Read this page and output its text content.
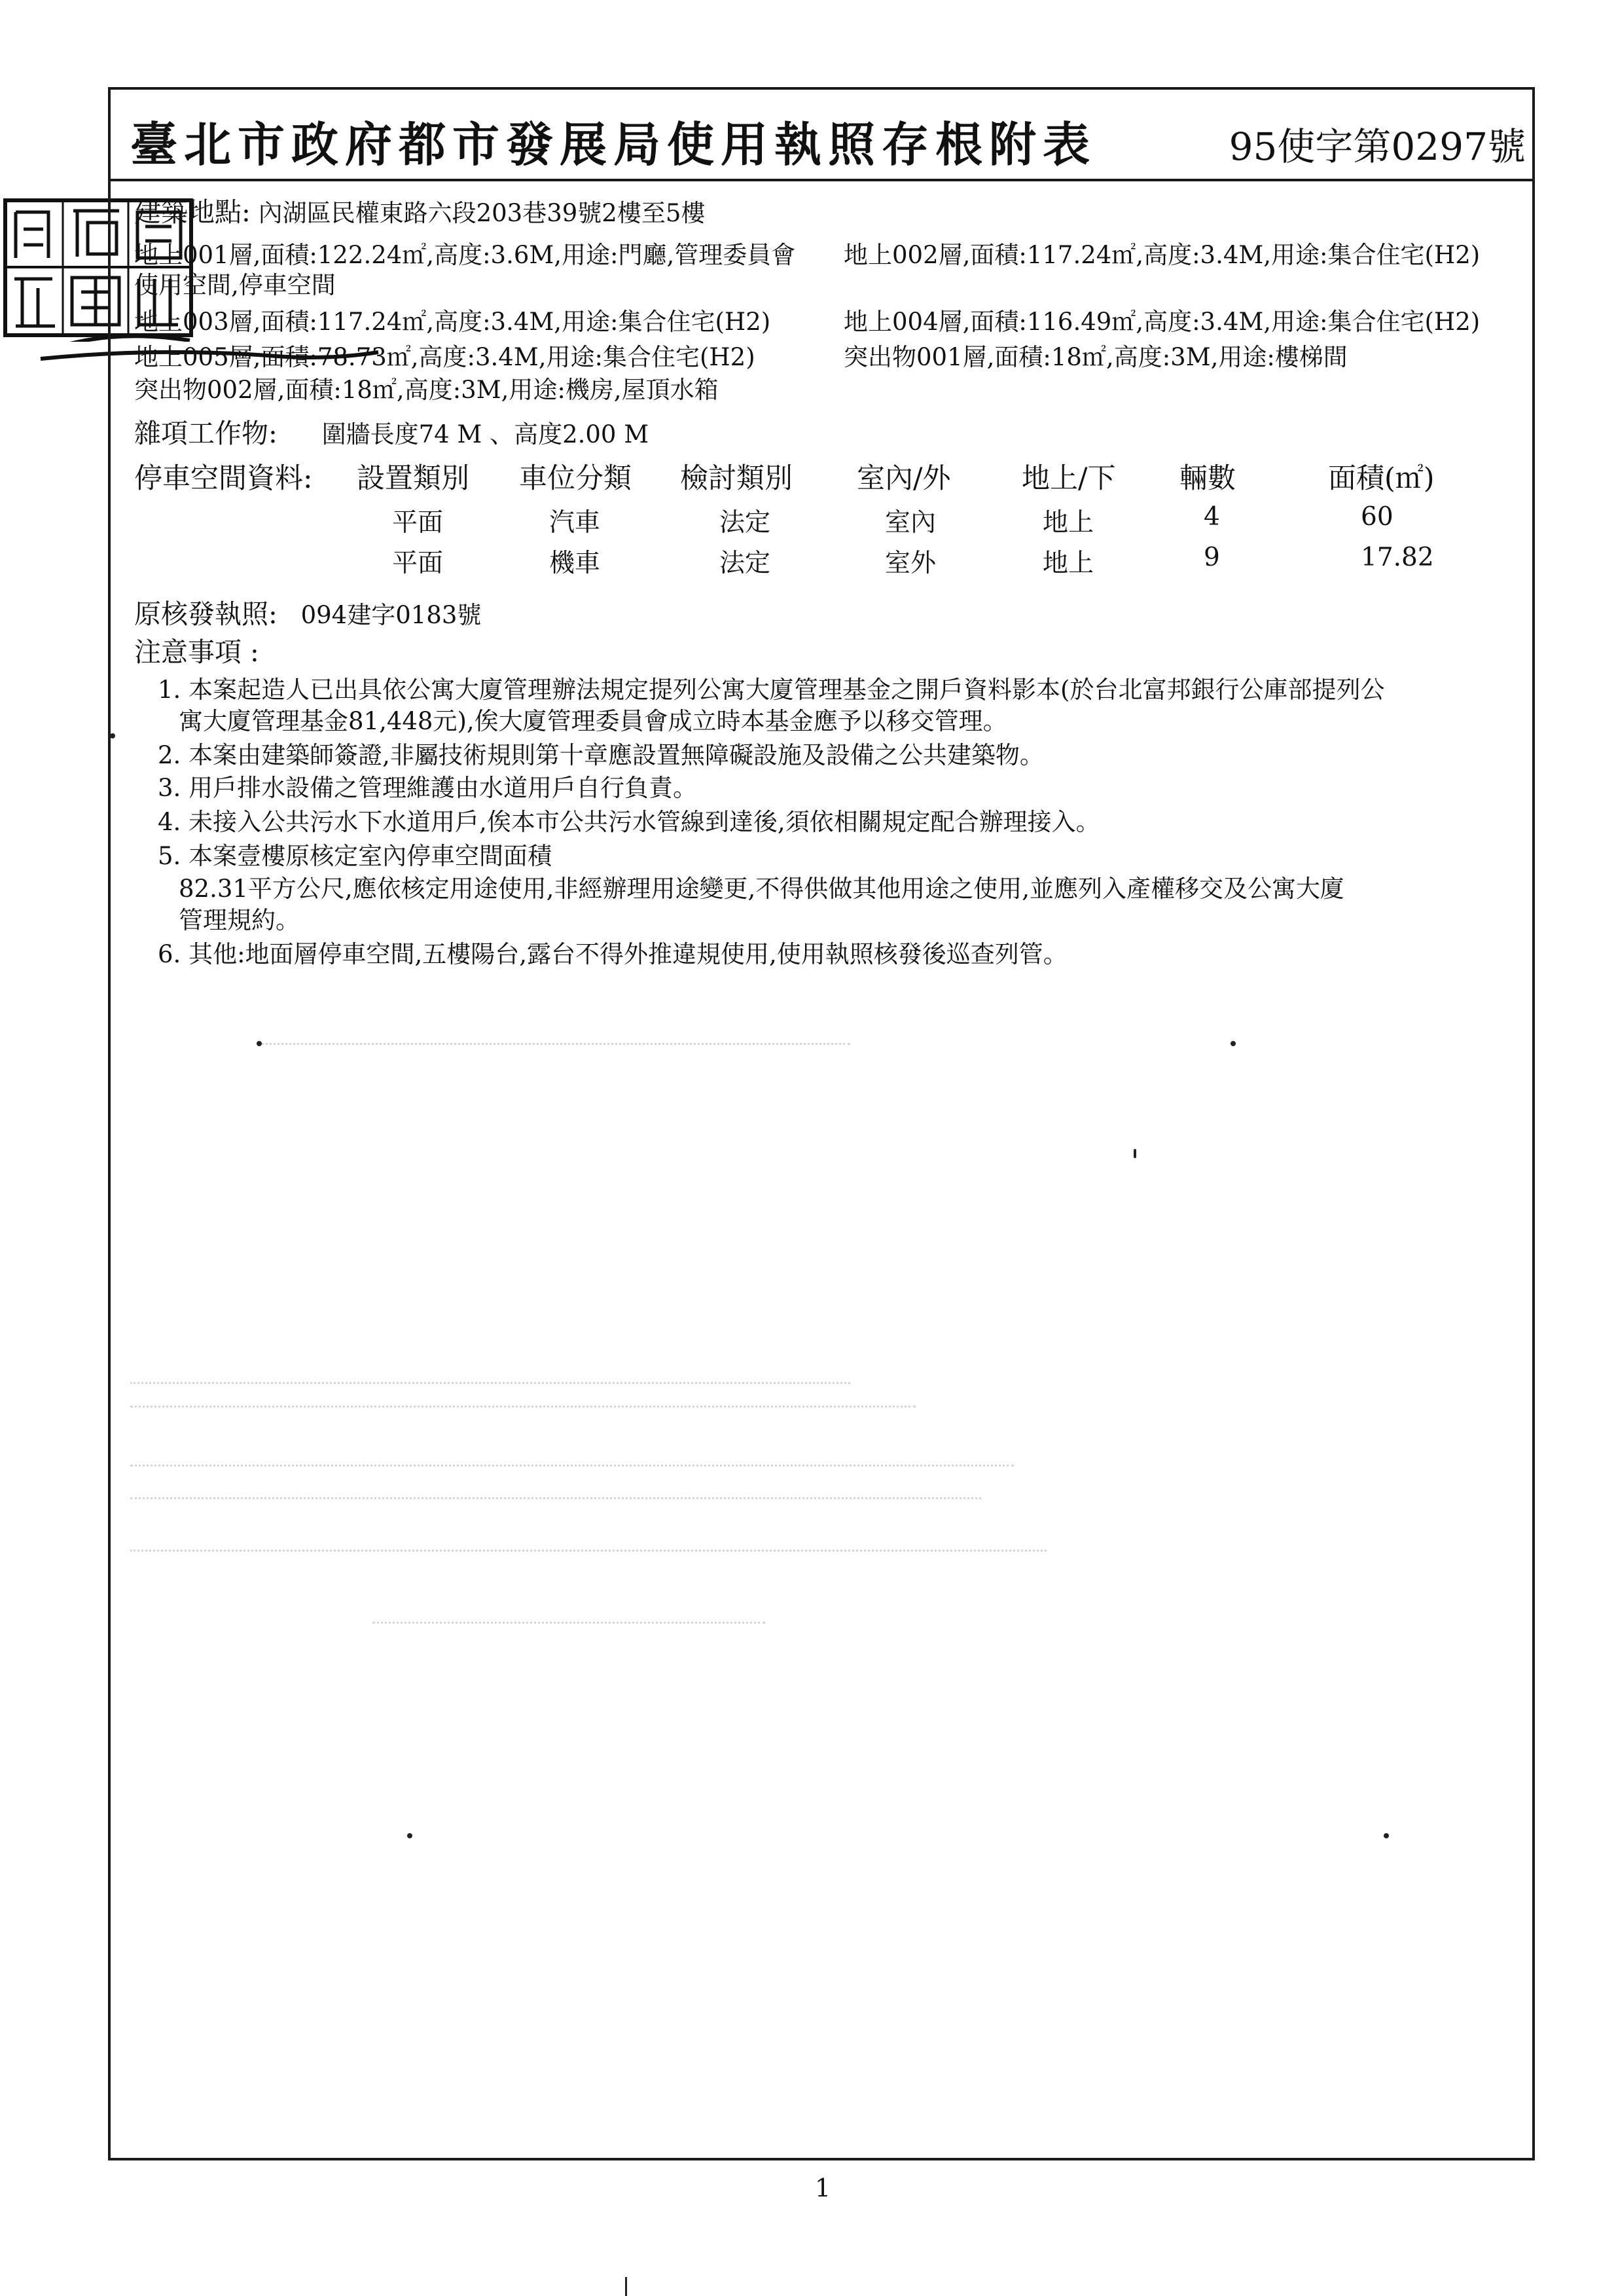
臺北市政府都市發展局使用執照存根附表	95使字第0297號
建築地點: 內湖區民權東路六段203巷39號2樓至5樓
地上001層,面積:122.24㎡,高度:3.6M,用途:門廳,管理委員會 地上002層,面積:117.24㎡,高度:3.4M,用途:集合住宅(H2)
使用空間,停車空間
地上003層,面積:117.24㎡,高度:3.4M,用途:集合住宅(H2)	地上004層,面積:116.49㎡,高度:3.4M,用途:集合住宅(H2)
地上005層,面積:78.73㎡,高度:3.4M,用途:集合住宅(H2)	突出物001層,面積:18㎡,高度:3M,用途:樓梯間
突出物002層,面積:18㎡,高度:3M,用途:機房,屋頂水箱
雜項工作物: 圍牆長度74 M 、高度2.00 M
停車空間資料: 設置類別 車位分類 檢討類別 室內/外	地上/下 輛數	面積(㎡)
平面	汽車	法定	室內	地上	4	60
平面	機車	法定	室外	地上	9	17.82
原核發執照: 094建字0183號
注意事項 :
1. 本案起造人已出具依公寓大廈管理辦法規定提列公寓大廈管理基金之開戶資料影本(於台北富邦銀行公庫部提列公
寓大廈管理基金81,448元),俟大廈管理委員會成立時本基金應予以移交管理。
2. 本案由建築師簽證,非屬技術規則第十章應設置無障礙設施及設備之公共建築物。
3. 用戶排水設備之管理維護由水道用戶自行負責。
4. 未接入公共污水下水道用戶,俟本市公共污水管線到達後,須依相關規定配合辦理接入。
5. 本案壹樓原核定室內停車空間面積
82.31平方公尺,應依核定用途使用,非經辦理用途變更,不得供做其他用途之使用,並應列入產權移交及公寓大廈
管理規約。
6. 其他:地面層停車空間,五樓陽台,露台不得外推違規使用,使用執照核發後巡查列管。
1
